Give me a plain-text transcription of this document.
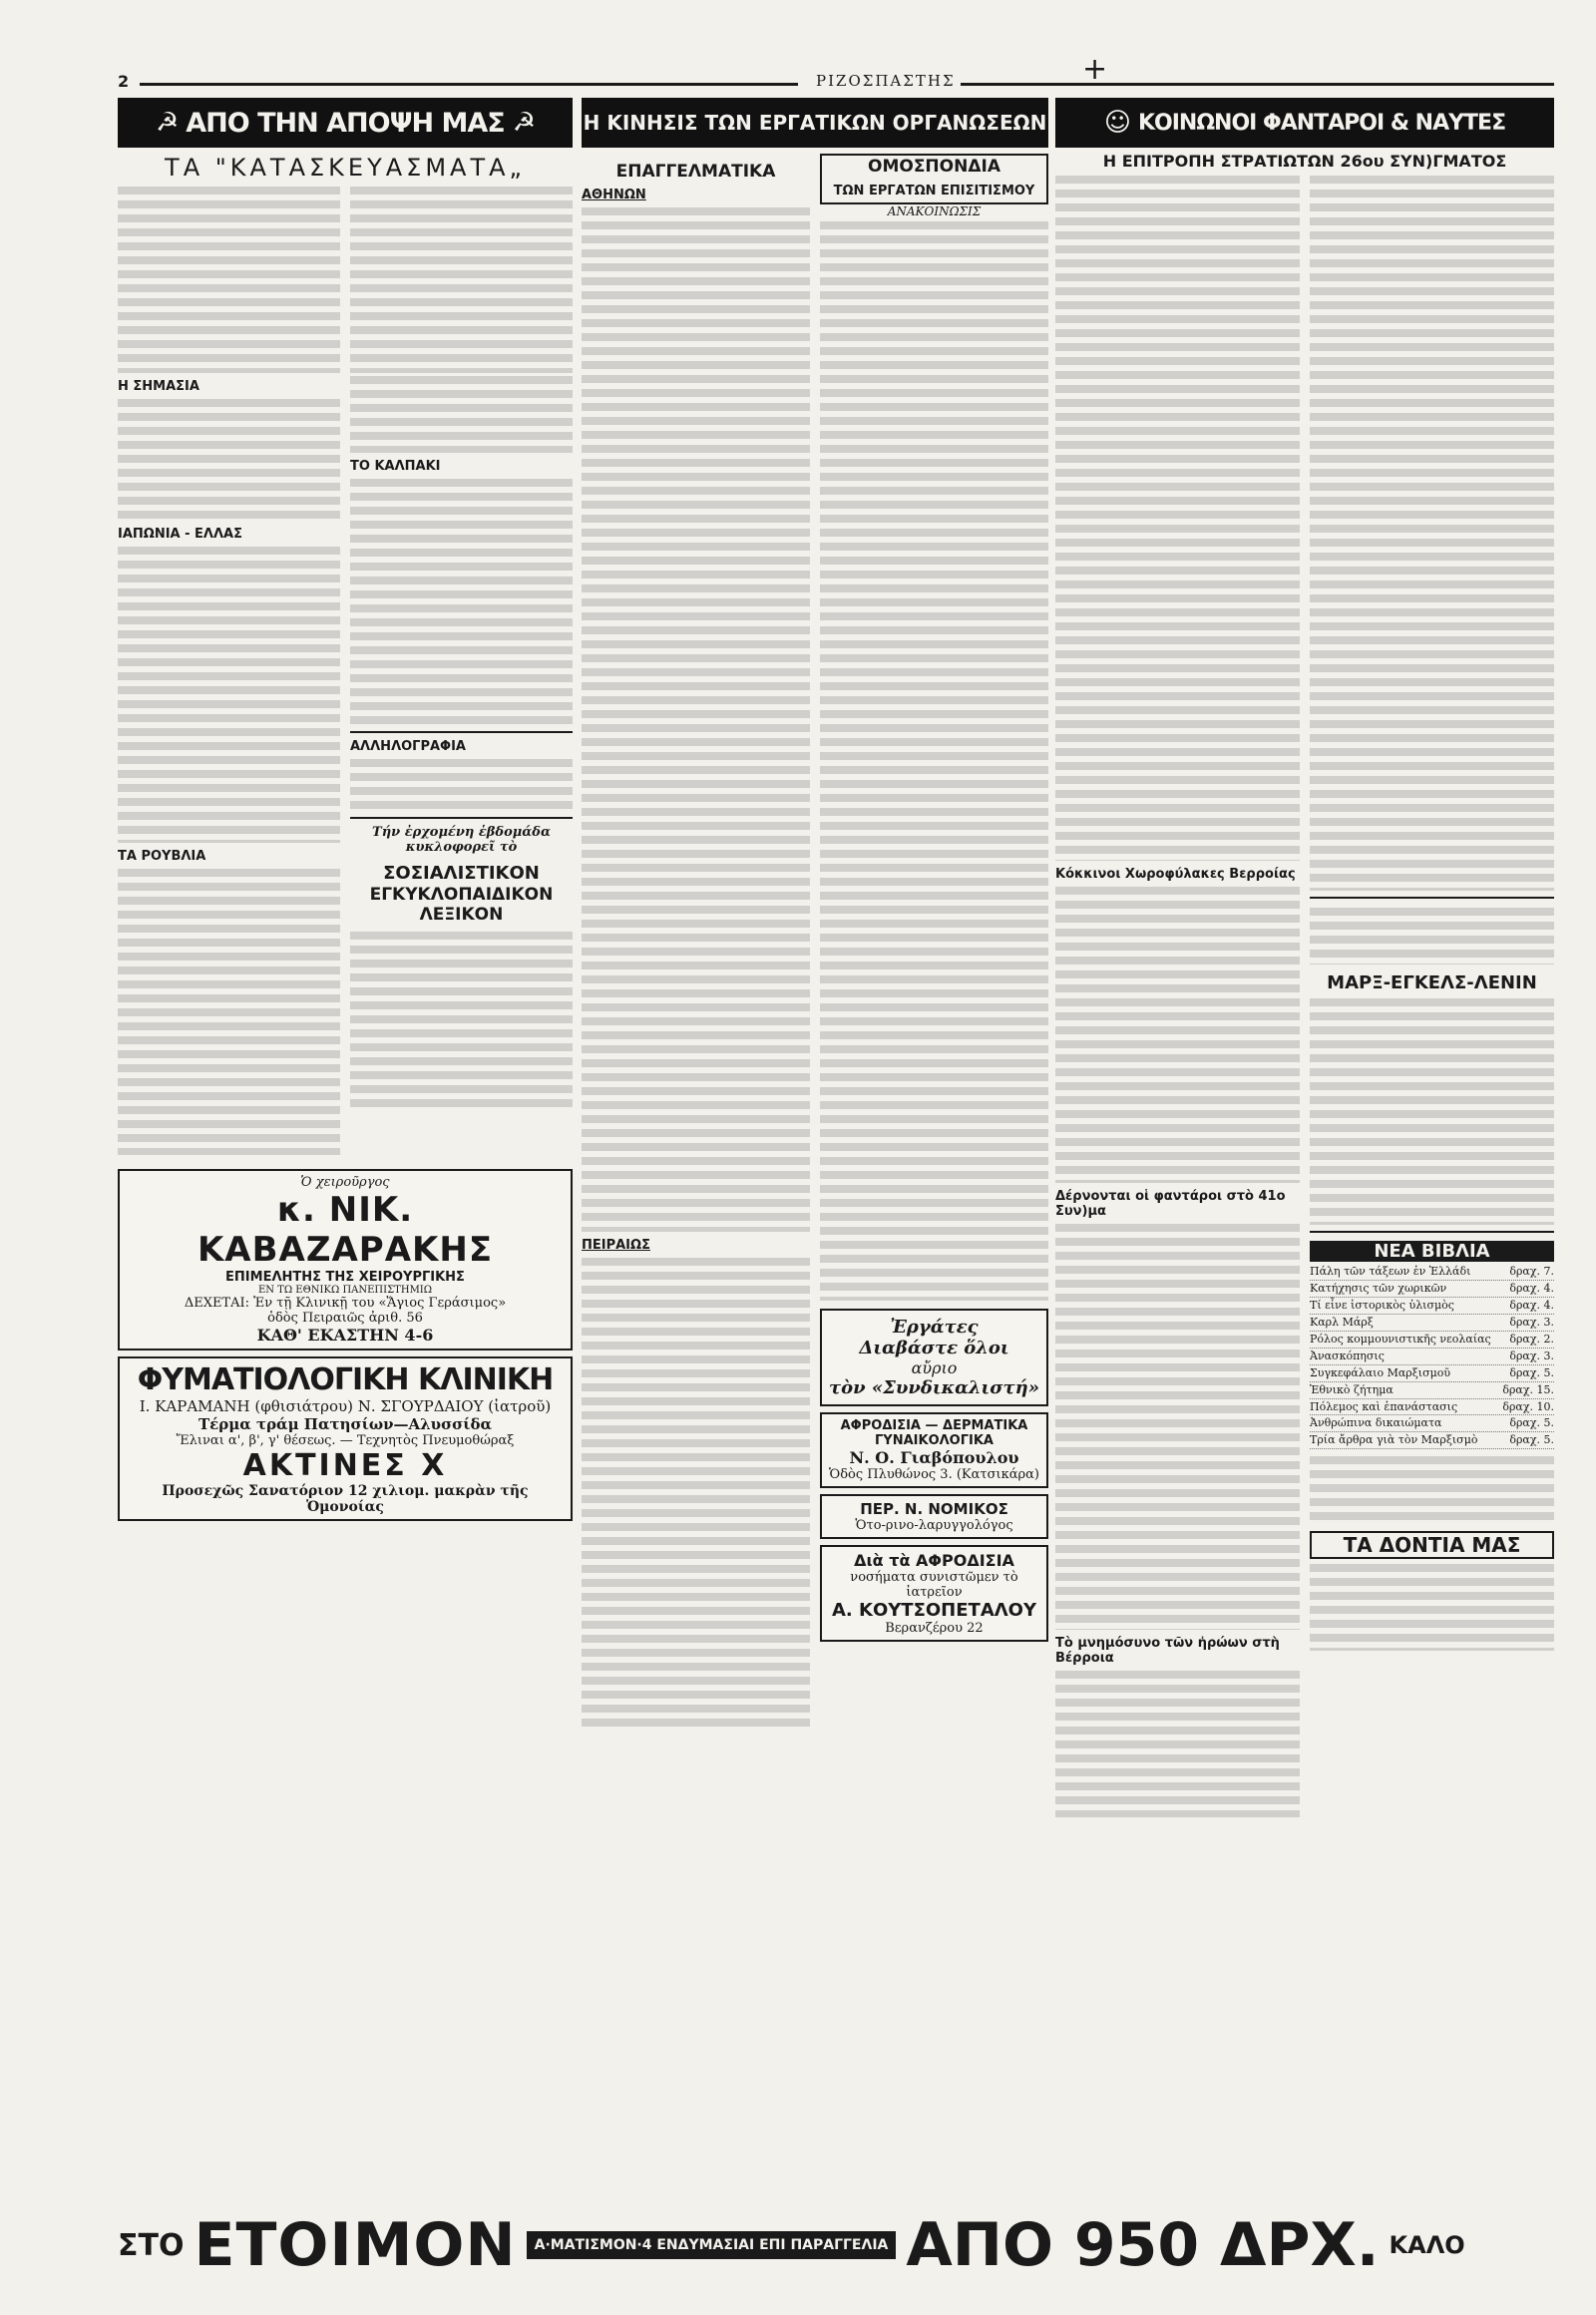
2	ΡΙΖΟΣΠΑΣΤΗΣ	+
☭ ΑΠΟ ΤΗΝ ΑΠΟΨΗ ΜΑΣ ☭
ΤΑ "ΚΑΤΑΣΚΕΥΑΣΜΑΤΑ„
Η ΣΗΜΑΣΙΑ
ΙΑΠΩΝΙΑ - ΕΛΛΑΣ
ΤΑ ΡΟΥΒΛΙΑ
ΤΟ ΚΑΛΠΑΚΙ
ΑΛΛΗΛΟΓΡΑΦΙΑ
Τήν ἐρχομένη ἑβδομάδα κυκλοφορεῖ τὸ
ΣΟΣΙΑΛΙΣΤΙΚΟΝ
ΕΓΚΥΚΛΟΠΑΙΔΙΚΟΝ
ΛΕΞΙΚΟΝ
Ὁ χειροῦργος
κ. ΝΙΚ. ΚΑΒΑΖΑΡΑΚΗΣ
ΕΠΙΜΕΛΗΤΗΣ ΤΗΣ ΧΕΙΡΟΥΡΓΙΚΗΣ
ΕΝ ΤΩ ΕΘΝΙΚΩ ΠΑΝΕΠΙΣΤΗΜΙΩ
ΔΕΧΕΤΑΙ: Ἐν τῇ Κλινικῇ του «Ἅγιος Γεράσιμος»
ὁδὸς Πειραιῶς ἀριθ. 56
ΚΑΘ' ΕΚΑΣΤΗΝ 4-6
ΦΥΜΑΤΙΟΛΟΓΙΚΗ ΚΛΙΝΙΚΗ
Ι. ΚΑΡΑΜΑΝΗ (φθισιάτρου) Ν. ΣΓΟΥΡΔΑΙΟΥ (ἰατροῦ)
Τέρμα τράμ Πατησίων—Αλυσσίδα
Ἔλιναι α', β', γ' θέσεως. — Τεχνητὸς Πνευμοθώραξ
ΑΚΤΙΝΕΣ Χ
Προσεχῶς Σανατόριον 12 χιλιομ. μακρὰν τῆς Ὁμονοίας
Η ΚΙΝΗΣΙΣ ΤΩΝ ΕΡΓΑΤΙΚΩΝ ΟΡΓΑΝΩΣΕΩΝ
ΕΠΑΓΓΕΛΜΑΤΙΚΑ
ΑΘΗΝΩΝ
ΠΕΙΡΑΙΩΣ
ΟΜΟΣΠΟΝΔΙΑ
ΤΩΝ ΕΡΓΑΤΩΝ ΕΠΙΣΙΤΙΣΜΟΥ
ΑΝΑΚΟΙΝΩΣΙΣ
Ἐργάτες
Διαβάστε ὅλοι
αὔριο
τὸν «Συνδικαλιστή»
ΑΦΡΟΔΙΣΙΑ — ΔΕΡΜΑΤΙΚΑ
ΓΥΝΑΙΚΟΛΟΓΙΚΑ
Ν. Ο. Γιαβόπουλου
Ὁδὸς Πλυθώνος 3. (Κατσικάρα)
ΠΕΡ. Ν. ΝΟΜΙΚΟΣ
Ὁτο-ρινο-λαρυγγολόγος
Διὰ τὰ ΑΦΡΟΔΙΣΙΑ
νοσήματα συνιστῶμεν τὸ ἰατρεῖον
Α. ΚΟΥΤΣΟΠΕΤΑΛΟΥ
Βερανζέρου 22
☺ ΚΟΙΝΩΝΟΙ ΦΑΝΤΑΡΟΙ & ΝΑΥΤΕΣ
Η ΕΠΙΤΡΟΠΗ ΣΤΡΑΤΙΩΤΩΝ 26ου ΣΥΝ)ΓΜΑΤΟΣ
Κόκκινοι Χωροφύλακες Βερροίας
Δέρνονται οἱ φαντάροι στὸ 41ο Συν)μα
Τὸ μνημόσυνο τῶν ἠρώων στὴ Βέρροια
ΜΑΡΞ-ΕΓΚΕΛΣ-ΛΕΝΙΝ
ΝΕΑ ΒΙΒΛΙΑ
Πάλη τῶν τάξεων ἐν Ἑλλάδι	δραχ. 7.
Κατήχησις τῶν χωρικῶν	δραχ. 4.
Τί εἶνε ἱστορικὸς ὑλισμὸς	δραχ. 4.
Καρλ Μάρξ	δραχ. 3.
Ρόλος κομμουνιστικῆς νεολαίας δραχ. 2.
Ἀνασκόπησις	δραχ. 3.
Συγκεφάλαιο Μαρξισμοῦ	δραχ. 5.
Ἐθνικὸ ζήτημα	δραχ. 15.
Πόλεμος καὶ ἐπανάστασις	δραχ. 10.
Ἀνθρώπινα δικαιώματα	δραχ. 5.
Τρία ἄρθρα γιὰ τὸν Μαρξισμὸ	δραχ. 5.
ΤΑ ΔΟΝΤΙΑ ΜΑΣ
ΣΤΟ ΕΤΟΙΜΟΝ	Α·ΜΑΤΙΣΜΟΝ·4 ΕΝΔΥΜΑΣΙΑΙ ΕΠΙ ΠΑΡΑΓΓΕΛΙΑ ΑΠΟ 950 ΔΡΧ. ΚΑΛΟ
